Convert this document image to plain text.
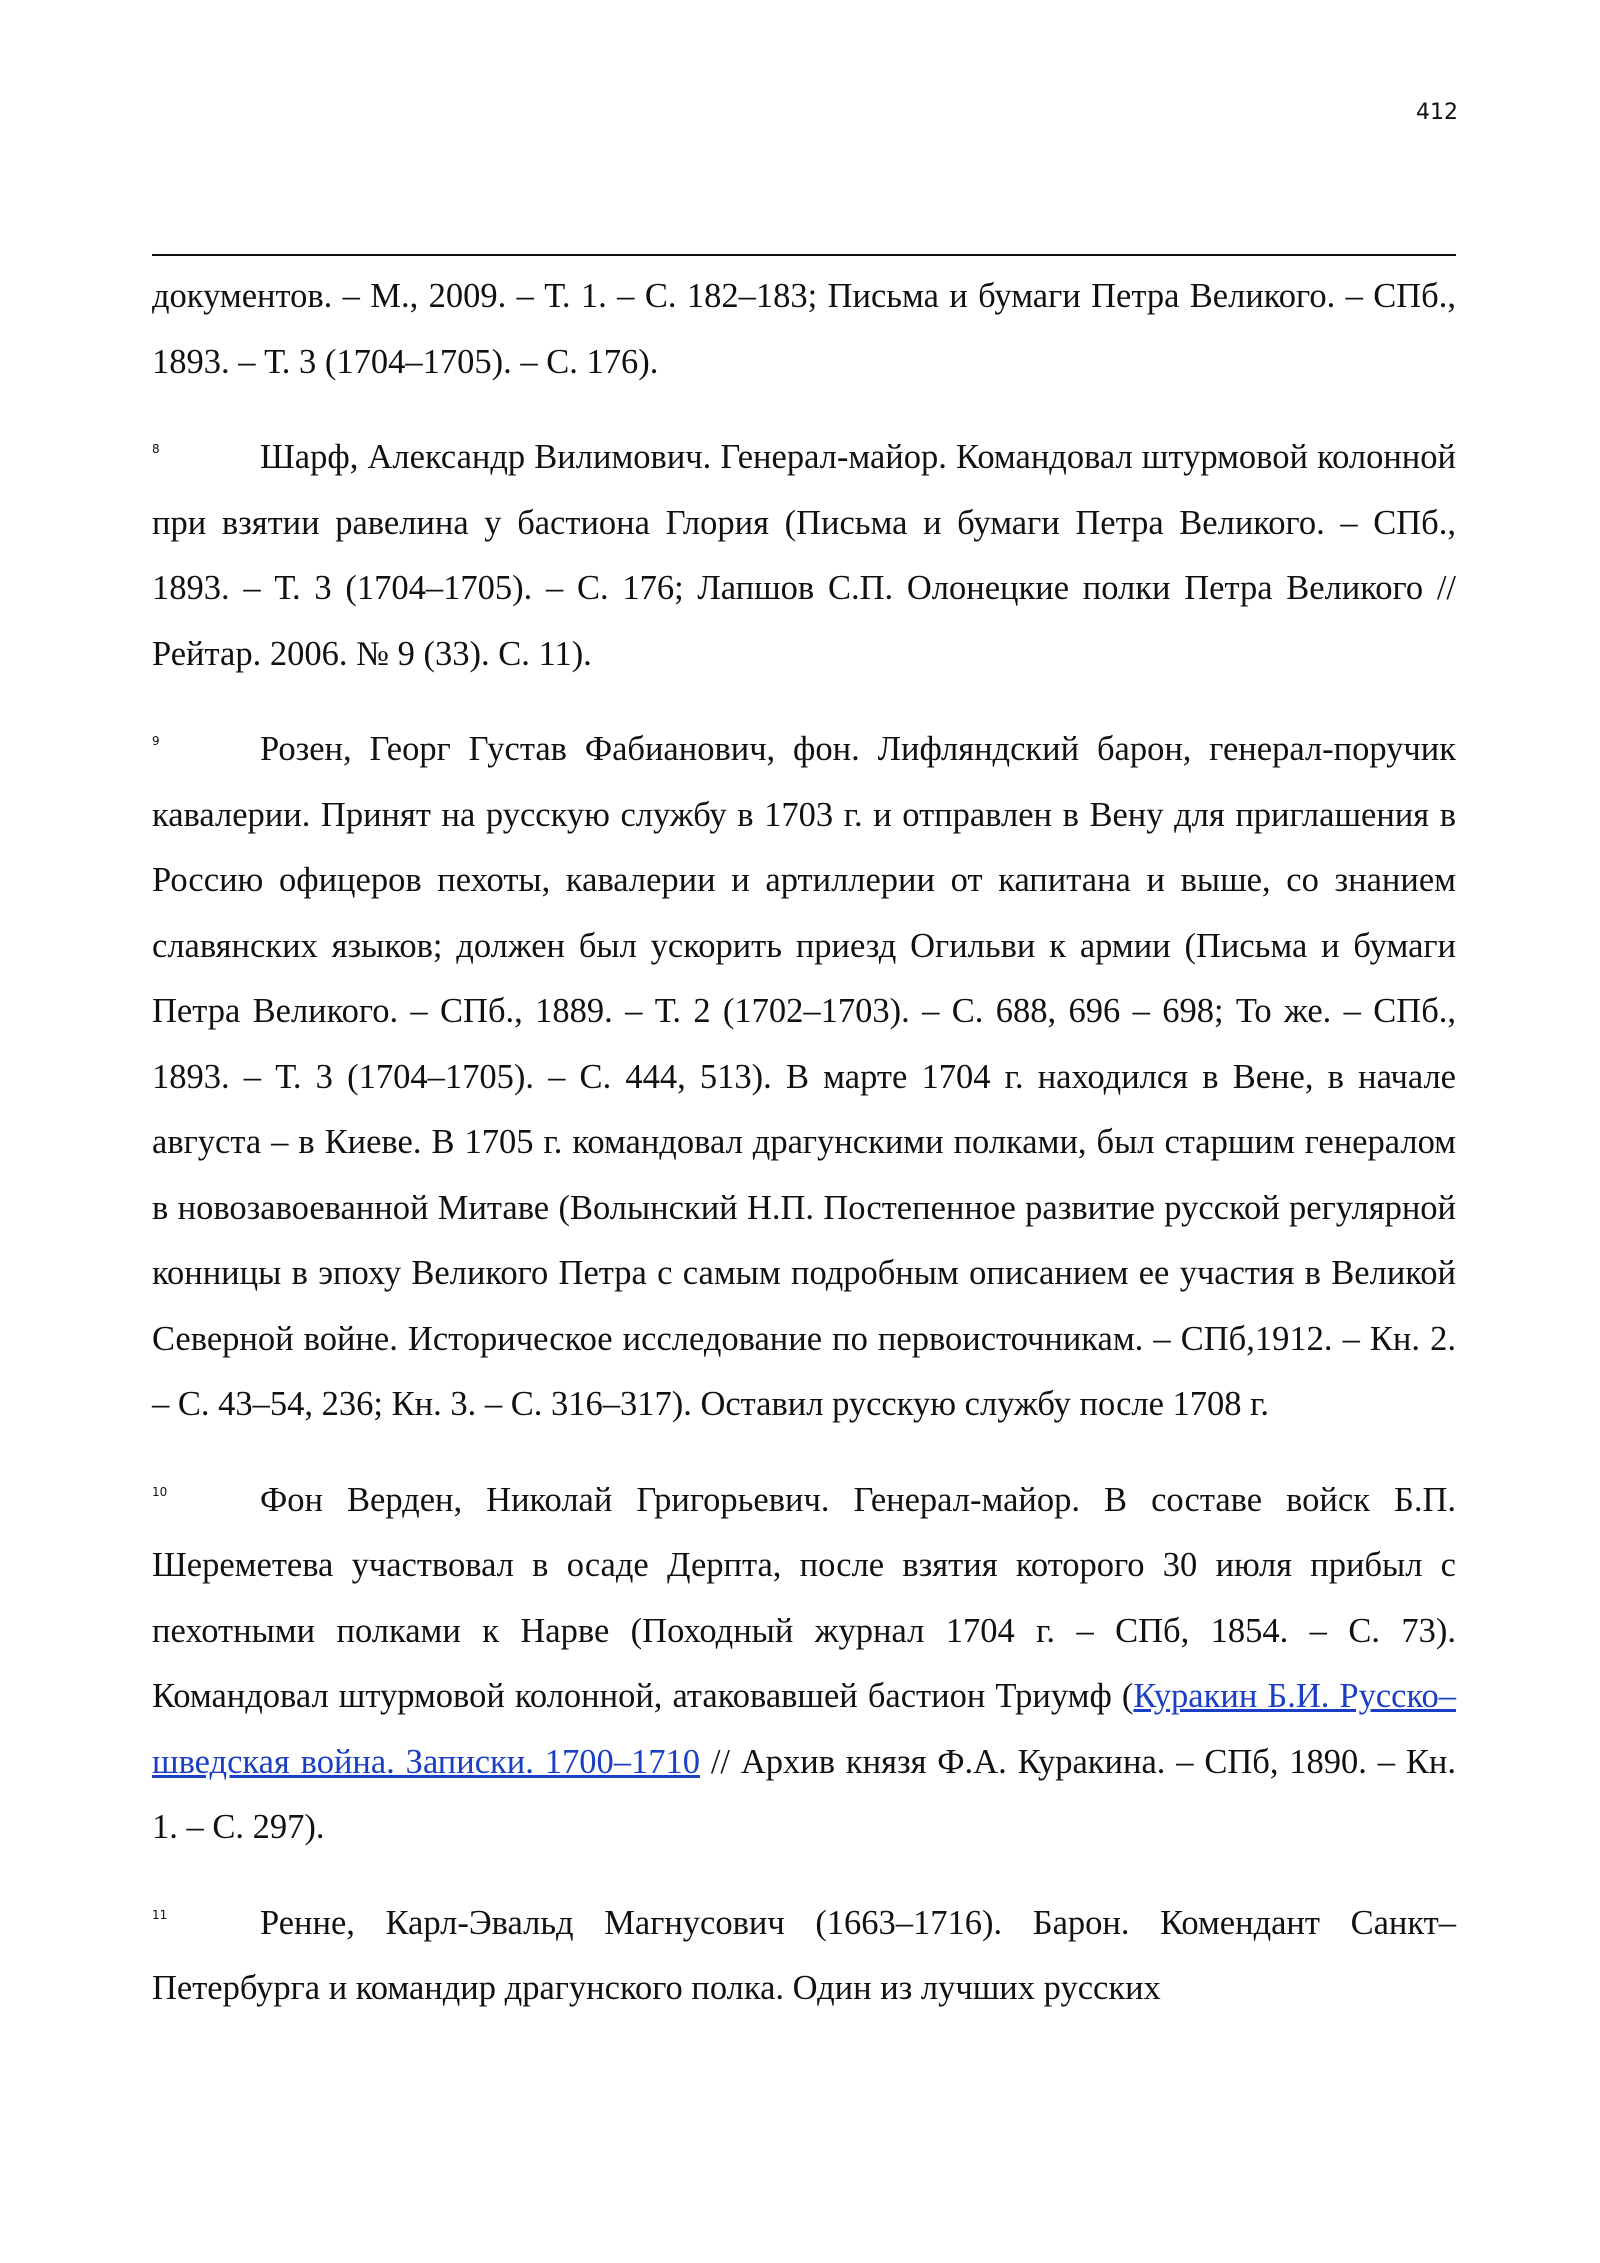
412

документов. – М., 2009. – Т. 1. – С. 182–183; Письма и бумаги Петра Великого. – СПб., 1893. – Т. 3 (1704–1705). – С. 176).

8	Шарф, Александр Вилимович. Генерал-майор. Командовал штурмовой колонной при взятии равелина у бастиона Глория (Письма и бумаги Петра Великого. – СПб., 1893. – Т. 3 (1704–1705). – С. 176; Лапшов С.П. Олонецкие полки Петра Великого // Рейтар. 2006. № 9 (33). С. 11).

9	Розен, Георг Густав Фабианович, фон. Лифляндский барон, генерал-поручик кавалерии. Принят на русскую службу в 1703 г. и отправлен в Вену для приглашения в Россию офицеров пехоты, кавалерии и артиллерии от капитана и выше, со знанием славянских языков; должен был ускорить приезд Огильви к армии (Письма и бумаги Петра Великого. – СПб., 1889. – Т. 2 (1702–1703). – С. 688, 696 – 698; То же. – СПб., 1893. – Т. 3 (1704–1705). – С. 444, 513). В марте 1704 г. находился в Вене, в начале августа – в Киеве. В 1705 г. командовал драгунскими полками, был старшим генералом в новозавоеванной Митаве (Волынский Н.П. Постепенное развитие русской регулярной конницы в эпоху Великого Петра с самым подробным описанием ее участия в Великой Северной войне. Историческое исследование по первоисточникам. – СПб,1912. – Кн. 2. – С. 43–54, 236; Кн. 3. – С. 316–317). Оставил русскую службу после 1708 г.

10	Фон Верден, Николай Григорьевич. Генерал-майор. В составе войск Б.П. Шереметева участвовал в осаде Дерпта, после взятия которого 30 июля прибыл с пехотными полками к Нарве (Походный журнал 1704 г. – СПб, 1854. – С. 73). Командовал штурмовой колонной, атаковавшей бастион Триумф (Куракин Б.И. Русско–шведская война. Записки. 1700–1710 // Архив князя Ф.А. Куракина. – СПб, 1890. – Кн. 1. – С. 297).

11	Ренне, Карл-Эвальд Магнусович (1663–1716). Барон. Комендант Санкт–Петербурга и командир драгунского полка. Один из лучших русских
